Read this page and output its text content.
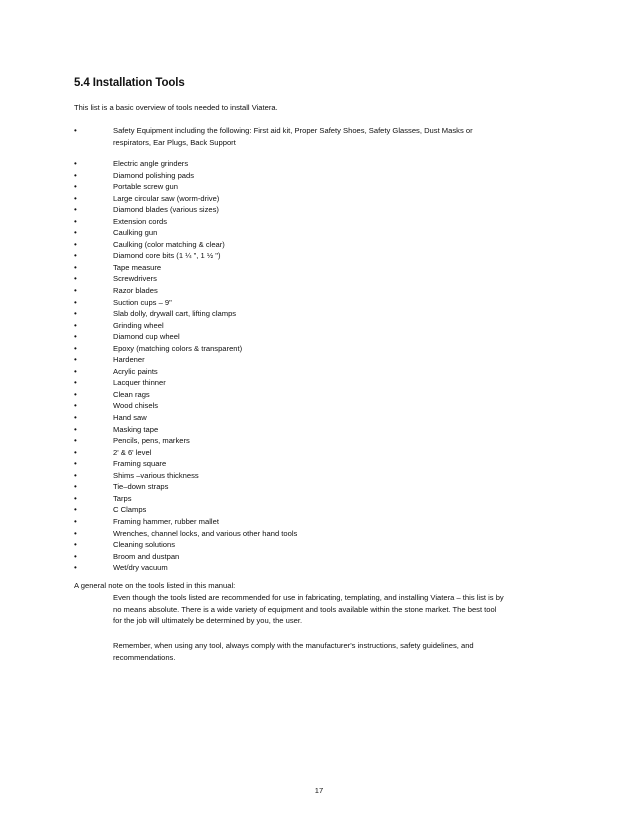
5.4 Installation Tools
This list is a basic overview of tools needed to install Viatera.
•	Safety Equipment including the following: First aid kit, Proper Safety Shoes, Safety Glasses, Dust Masks or
respirators, Ear Plugs, Back Support
•	Electric angle grinders
•	Diamond polishing pads
•	Portable screw gun
•	Large circular saw (worm-drive)
•	Diamond blades (various sizes)
•	Extension cords
•	Caulking gun
•	Caulking (color matching & clear)
•	Diamond core bits (1 ¼ ", 1 ½ ")
•	Tape measure
•	Screwdrivers
•	Razor blades
•	Suction cups – 9"
•	Slab dolly, drywall cart, lifting clamps
•	Grinding wheel
•	Diamond cup wheel
•	Epoxy (matching colors & transparent)
•	Hardener
•	Acrylic paints
•	Lacquer thinner
•	Clean rags
•	Wood chisels
•	Hand saw
•	Masking tape
•	Pencils, pens, markers
•	2' & 6' level
•	Framing square
•	Shims –various thickness
•	Tie–down straps
•	Tarps
•	C Clamps
•	Framing hammer, rubber mallet
•	Wrenches, channel locks, and various other hand tools
•	Cleaning solutions
•	Broom and dustpan
•	Wet/dry vacuum
A general note on the tools listed in this manual:
Even though the tools listed are recommended for use in fabricating, templating, and installing Viatera – this list is by
no means absolute. There is a wide variety of equipment and tools available within the stone market. The best tool
for the job will ultimately be determined by you, the user.
Remember, when using any tool, always comply with the manufacturer's instructions, safety guidelines, and
recommendations.
17
